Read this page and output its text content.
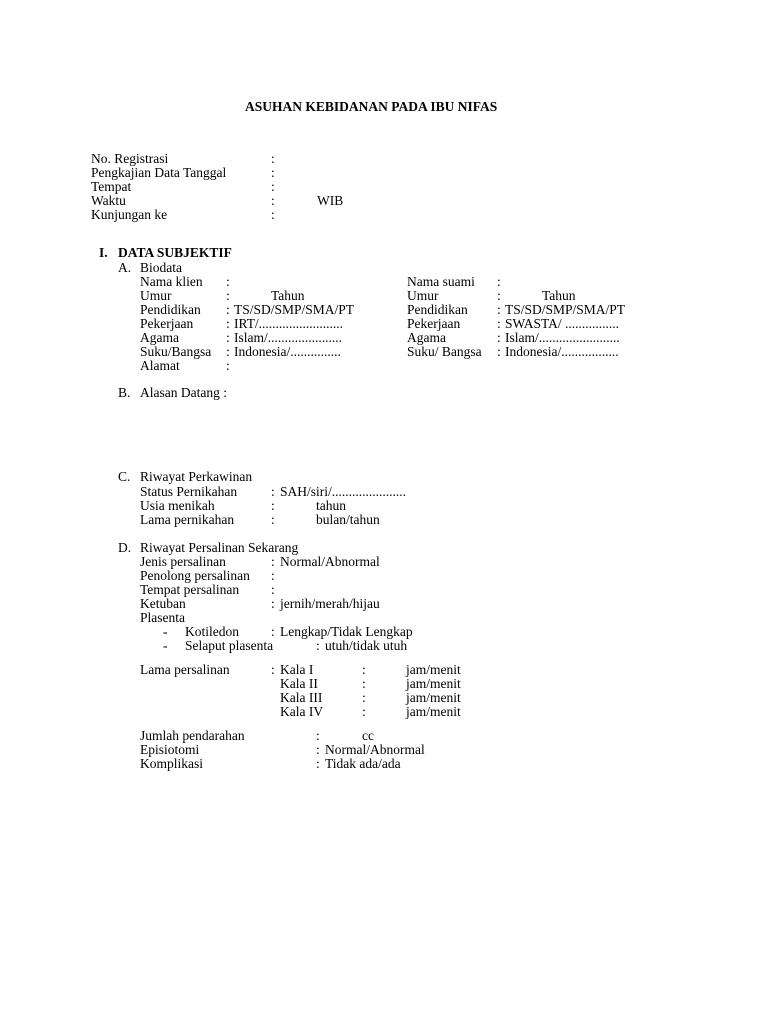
ASUHAN KEBIDANAN PADA IBU NIFAS
No. Registrasi	:
Pengkajian Data Tanggal	:
Tempat	:
Waktu	:	WIB
Kunjungan ke	:
I. DATA SUBJEKTIF
A. Biodata
Nama klien :
Umur	:	Tahun
Pendidikan : TS/SD/SMP/SMA/PT
Pekerjaan : IRT/.........................
Agama	: Islam/......................
Suku/Bangsa : Indonesia/...............
Alamat	:
Nama suami :
Umur	:	Tahun
Pendidikan : TS/SD/SMP/SMA/PT
Pekerjaan	: SWASTA/ ................
Agama	: Islam/........................
Suku/ Bangsa : Indonesia/.................
B. Alasan Datang :
C. Riwayat Perkawinan
Status Pernikahan	: SAH/siri/......................
Usia menikah	:	tahun
Lama pernikahan	:	bulan/tahun
D. Riwayat Persalinan Sekarang
Jenis persalinan	: Normal/Abnormal
Penolong persalinan :
Tempat persalinan :
Ketuban	: jernih/merah/hijau
Plasenta
- Kotiledon : Lengkap/Tidak Lengkap
- Selaput plasenta	: utuh/tidak utuh
Lama persalinan	: Kala I	:	jam/menit
Kala II	:	jam/menit
Kala III	:	jam/menit
Kala IV	:	jam/menit
Jumlah pendarahan	:	cc
Episiotomi	: Normal/Abnormal
Komplikasi	: Tidak ada/ada
